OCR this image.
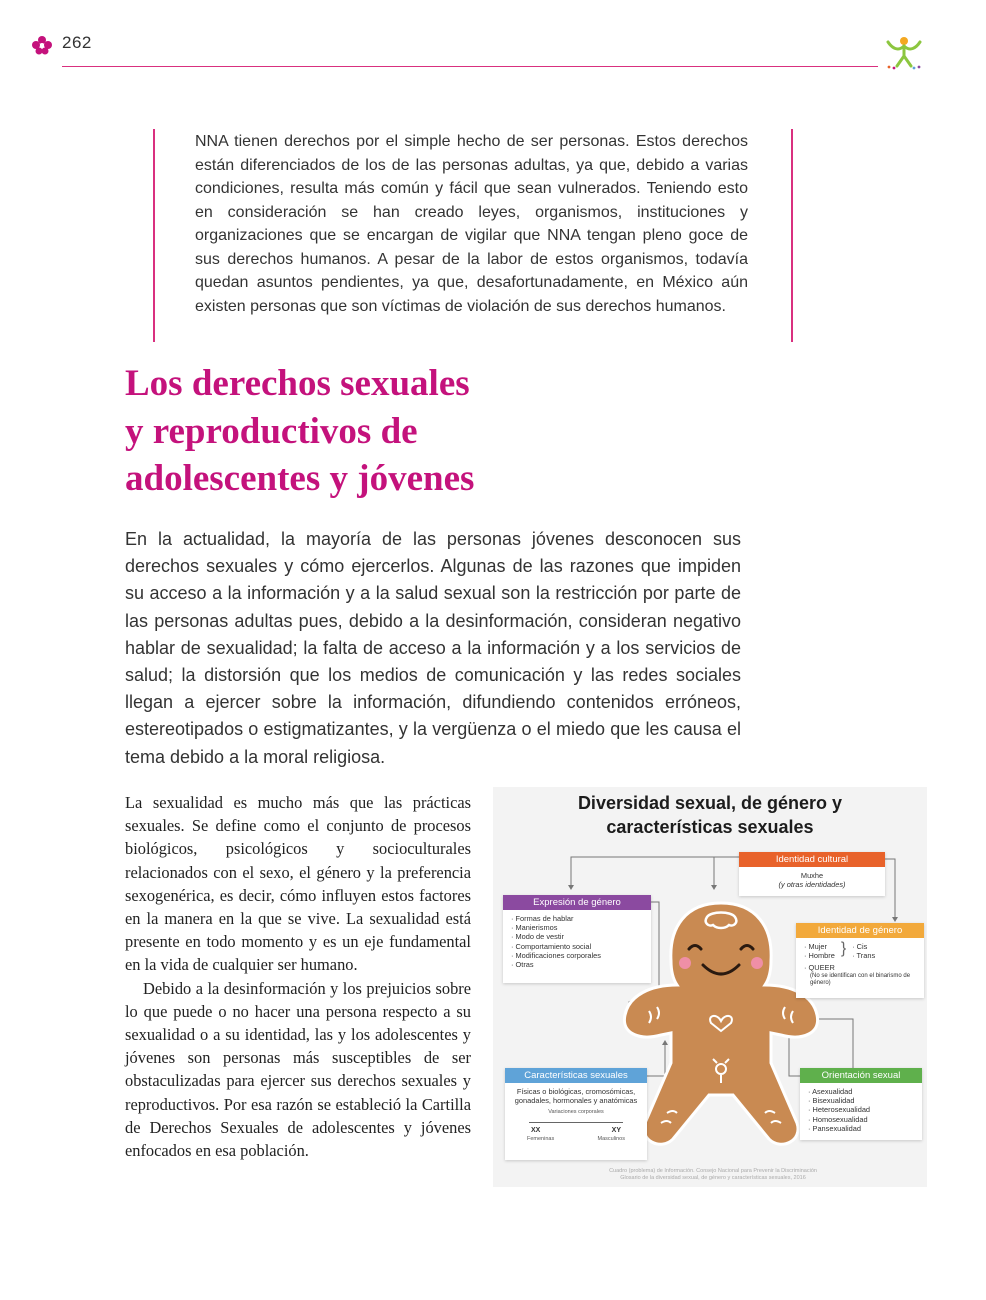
262
NNA tienen derechos por el simple hecho de ser personas. Estos derechos están diferenciados de los de las personas adultas, ya que, debido a varias condiciones, resulta más común y fácil que sean vulnerados. Teniendo esto en consideración se han creado leyes, organismos, instituciones y organizaciones que se encargan de vigilar que NNA tengan pleno goce de sus derechos humanos. A pesar de la labor de estos organismos, todavía quedan asuntos pendientes, ya que, desafortunadamente, en México aún existen personas que son víctimas de violación de sus derechos humanos.
Los derechos sexuales
y reproductivos de
adolescentes y jóvenes

En la actualidad, la mayoría de las personas jóvenes desconocen sus derechos sexuales y cómo ejercerlos. Algunas de las razones que impiden su acceso a la información y a la salud sexual son la restricción por parte de las personas adultas pues, debido a la desinformación, consideran negativo hablar de sexualidad; la falta de acceso a la información y a los servicios de salud; la distorsión que los medios de comunicación y las redes sociales llegan a ejercer sobre la información, difundiendo contenidos erróneos, estereotipados o estigmatizantes, y la vergüenza o el miedo que les causa el tema debido a la moral religiosa.

La sexualidad es mucho más que las prácticas sexuales. Se define como el conjunto de procesos biológicos, psicológicos y socioculturales relacionados con el sexo, el género y la preferencia sexogenérica, es decir, cómo influyen estos factores en la manera en la que se vive. La sexualidad está presente en todo momento y es un eje fundamental en la vida de cualquier ser humano.

Debido a la desinformación y los prejuicios sobre lo que puede o no hacer una persona respecto a su sexualidad o a su identidad, las y los adolescentes y jóvenes son personas más susceptibles de ser obstaculizadas para ejercer sus derechos sexuales y reproductivos. Por esa razón se estableció la Cartilla de Derechos Sexuales de adolescentes y jóvenes enfocados en esa población.

Diversidad sexual, de género y
características sexuales
Identidad cultural
Muxhe
(y otras identidades)
Expresión de género
· Formas de hablar
· Manierismos
· Modo de vestir
· Comportamiento social
· Modificaciones corporales
· Otras
Identidad de género
· Mujer
· Hombre }
·	Cis
· Trans
· QUEER
(No se identifican con el binarismo de género)
Características sexuales
Físicas o biológicas, cromosómicas, gonadales, hormonales y anatómicas
Variaciones corporales
XX	XY
Femeninas	Masculinos
Orientación sexual
· Asexualidad
· Bisexualidad
· Heterosexualidad
· Homosexualidad
· Pansexualidad
Cuadro (problema) de Información. Consejo Nacional para Prevenir la Discriminación
Glosario de la diversidad sexual, de género y características sexuales, 2016
